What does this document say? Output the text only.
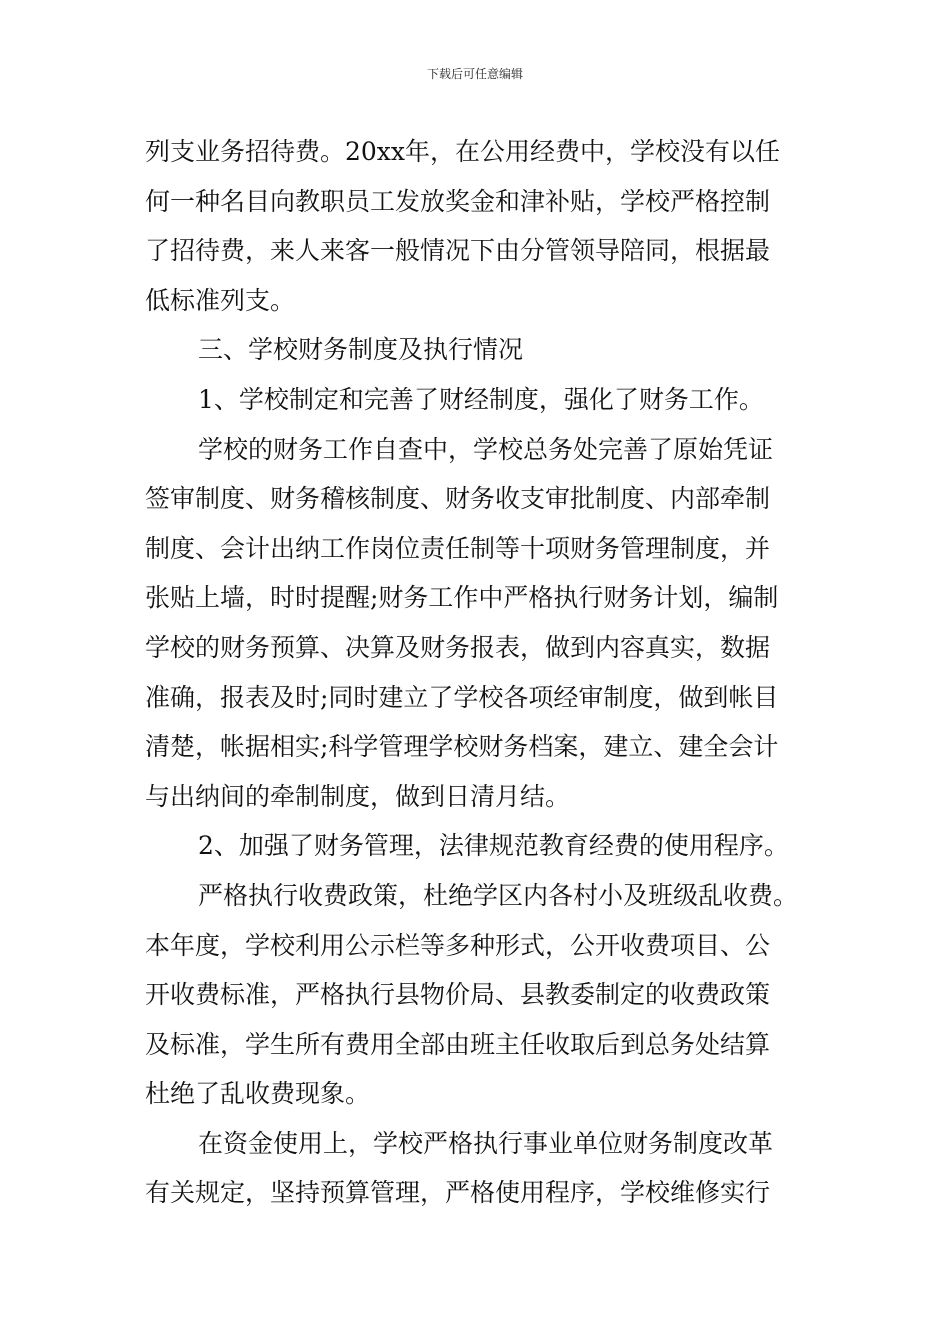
下载后可任意编辑
列支业务招待费。20xx年，在公用经费中，学校没有以任
何一种名目向教职员工发放奖金和津补贴，学校严格控制
了招待费，来人来客一般情况下由分管领导陪同，根据最
低标准列支。
三、学校财务制度及执行情况
1、学校制定和完善了财经制度，强化了财务工作。
学校的财务工作自查中，学校总务处完善了原始凭证
签审制度、财务稽核制度、财务收支审批制度、内部牵制
制度、会计出纳工作岗位责任制等十项财务管理制度，并
张贴上墙，时时提醒;财务工作中严格执行财务计划，编制
学校的财务预算、决算及财务报表，做到内容真实，数据
准确，报表及时;同时建立了学校各项经审制度，做到帐目
清楚，帐据相实;科学管理学校财务档案，建立、建全会计
与出纳间的牵制制度，做到日清月结。
2、加强了财务管理，法律规范教育经费的使用程序。
严格执行收费政策，杜绝学区内各村小及班级乱收费。
本年度，学校利用公示栏等多种形式，公开收费项目、公
开收费标准，严格执行县物价局、县教委制定的收费政策
及标准，学生所有费用全部由班主任收取后到总务处结算
杜绝了乱收费现象。
在资金使用上，学校严格执行事业单位财务制度改革
有关规定，坚持预算管理，严格使用程序，学校维修实行
